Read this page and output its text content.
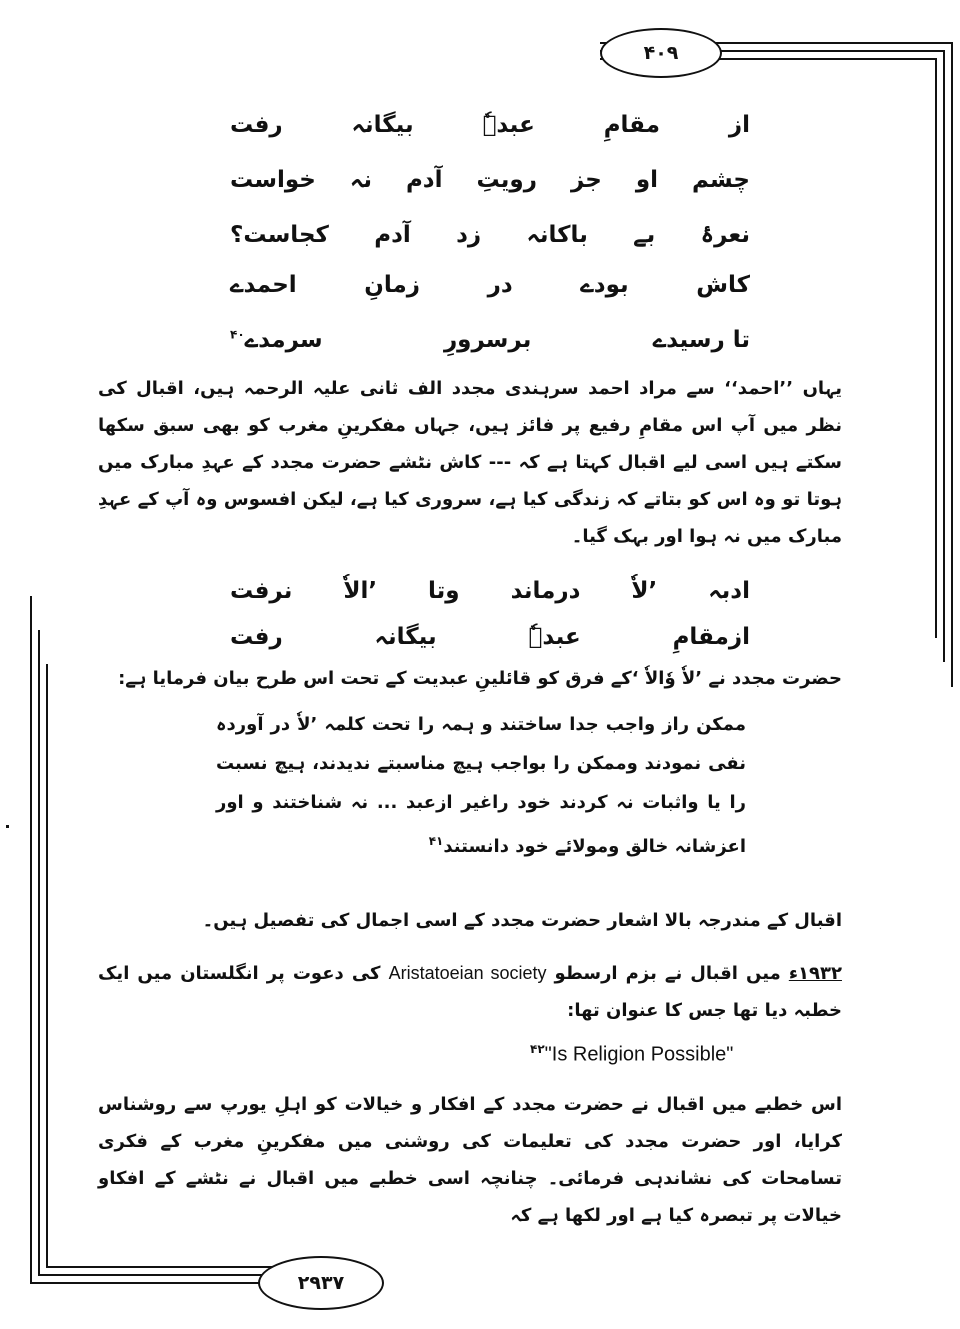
۴۰۹
۲۹۳۷
از
مقامِ
عبدہٗ
بیگانہ
رفت
چشم
او
جز
رویتِ
آدم
نہ
خواست
نعرۂ
بے
باکانہ
زد
آدم
کجاست؟
کاش
بودے
در
زمانِ
احمدے
تا رسیدے
برسرورِ
سرمدے$^{۴۰}$
یہاں ’’احمد‘‘ سے مراد احمد سرہندی مجدد الف ثانی علیہ الرحمہ ہیں، اقبال کی نظر میں آپ اس مقامِ رفیع پر فائز ہیں، جہاں مفکرینِ مغرب کو بھی سبق سکھا سکتے ہیں اسی لیے اقبال کہتا ہے کہ --- کاش نٹشے حضرت مجدد کے عہدِ مبارک میں ہوتا تو وہ اس کو بتاتے کہ زندگی کیا ہے، سروری کیا ہے، لیکن افسوس وہ آپ کے عہدِ مبارک میں نہ ہوا اور بہک گیا۔
ادبہ
’لاٗ
درماند
وتا
’الاٗ
نرفت
ازمقامِ
عبدہٗ
بیگانہ
رفت
حضرت مجدد نے ’لاٗ وٗالاٗ ‘کے فرق کو قائلینِ عبدیت کے تحت اس طرح بیان فرمایا ہے:
ممکن راز واجب جدا ساختند و ہمہ را تحت کلمہ ’لاٗ در آوردہ نفی نمودند وممکن را بواجب ہیچ مناسبتے ندیدند، ہیچ نسبت را یا واثبات نہ کردند خود راغیر ازعبد ... نہ شناختند و اور اعزشانہ خالق ومولائے خود دانستند$^{۴۱}$
اقبال کے مندرجہ بالا اشعار حضرت مجدد کے اسی اجمال کی تفصیل ہیں۔
۱۹۳۲ء میں اقبال نے بزم ارسطو Aristatoeian society کی دعوت پر انگلستان میں ایک خطبہ دیا تھا جس کا عنوان تھا:
$^{۴۲}$"Is Religion Possible"
اس خطبے میں اقبال نے حضرت مجدد کے افکار و خیالات کو اہلِ یورپ سے روشناس کرایا، اور حضرت مجدد کی تعلیمات کی روشنی میں مفکرینِ مغرب کے فکری تسامحات کی نشاندہی فرمائی۔ چنانچہ اسی خطبے میں اقبال نے نٹشے کے افکاو خیالات پر تبصرہ کیا ہے اور لکھا ہے کہ
